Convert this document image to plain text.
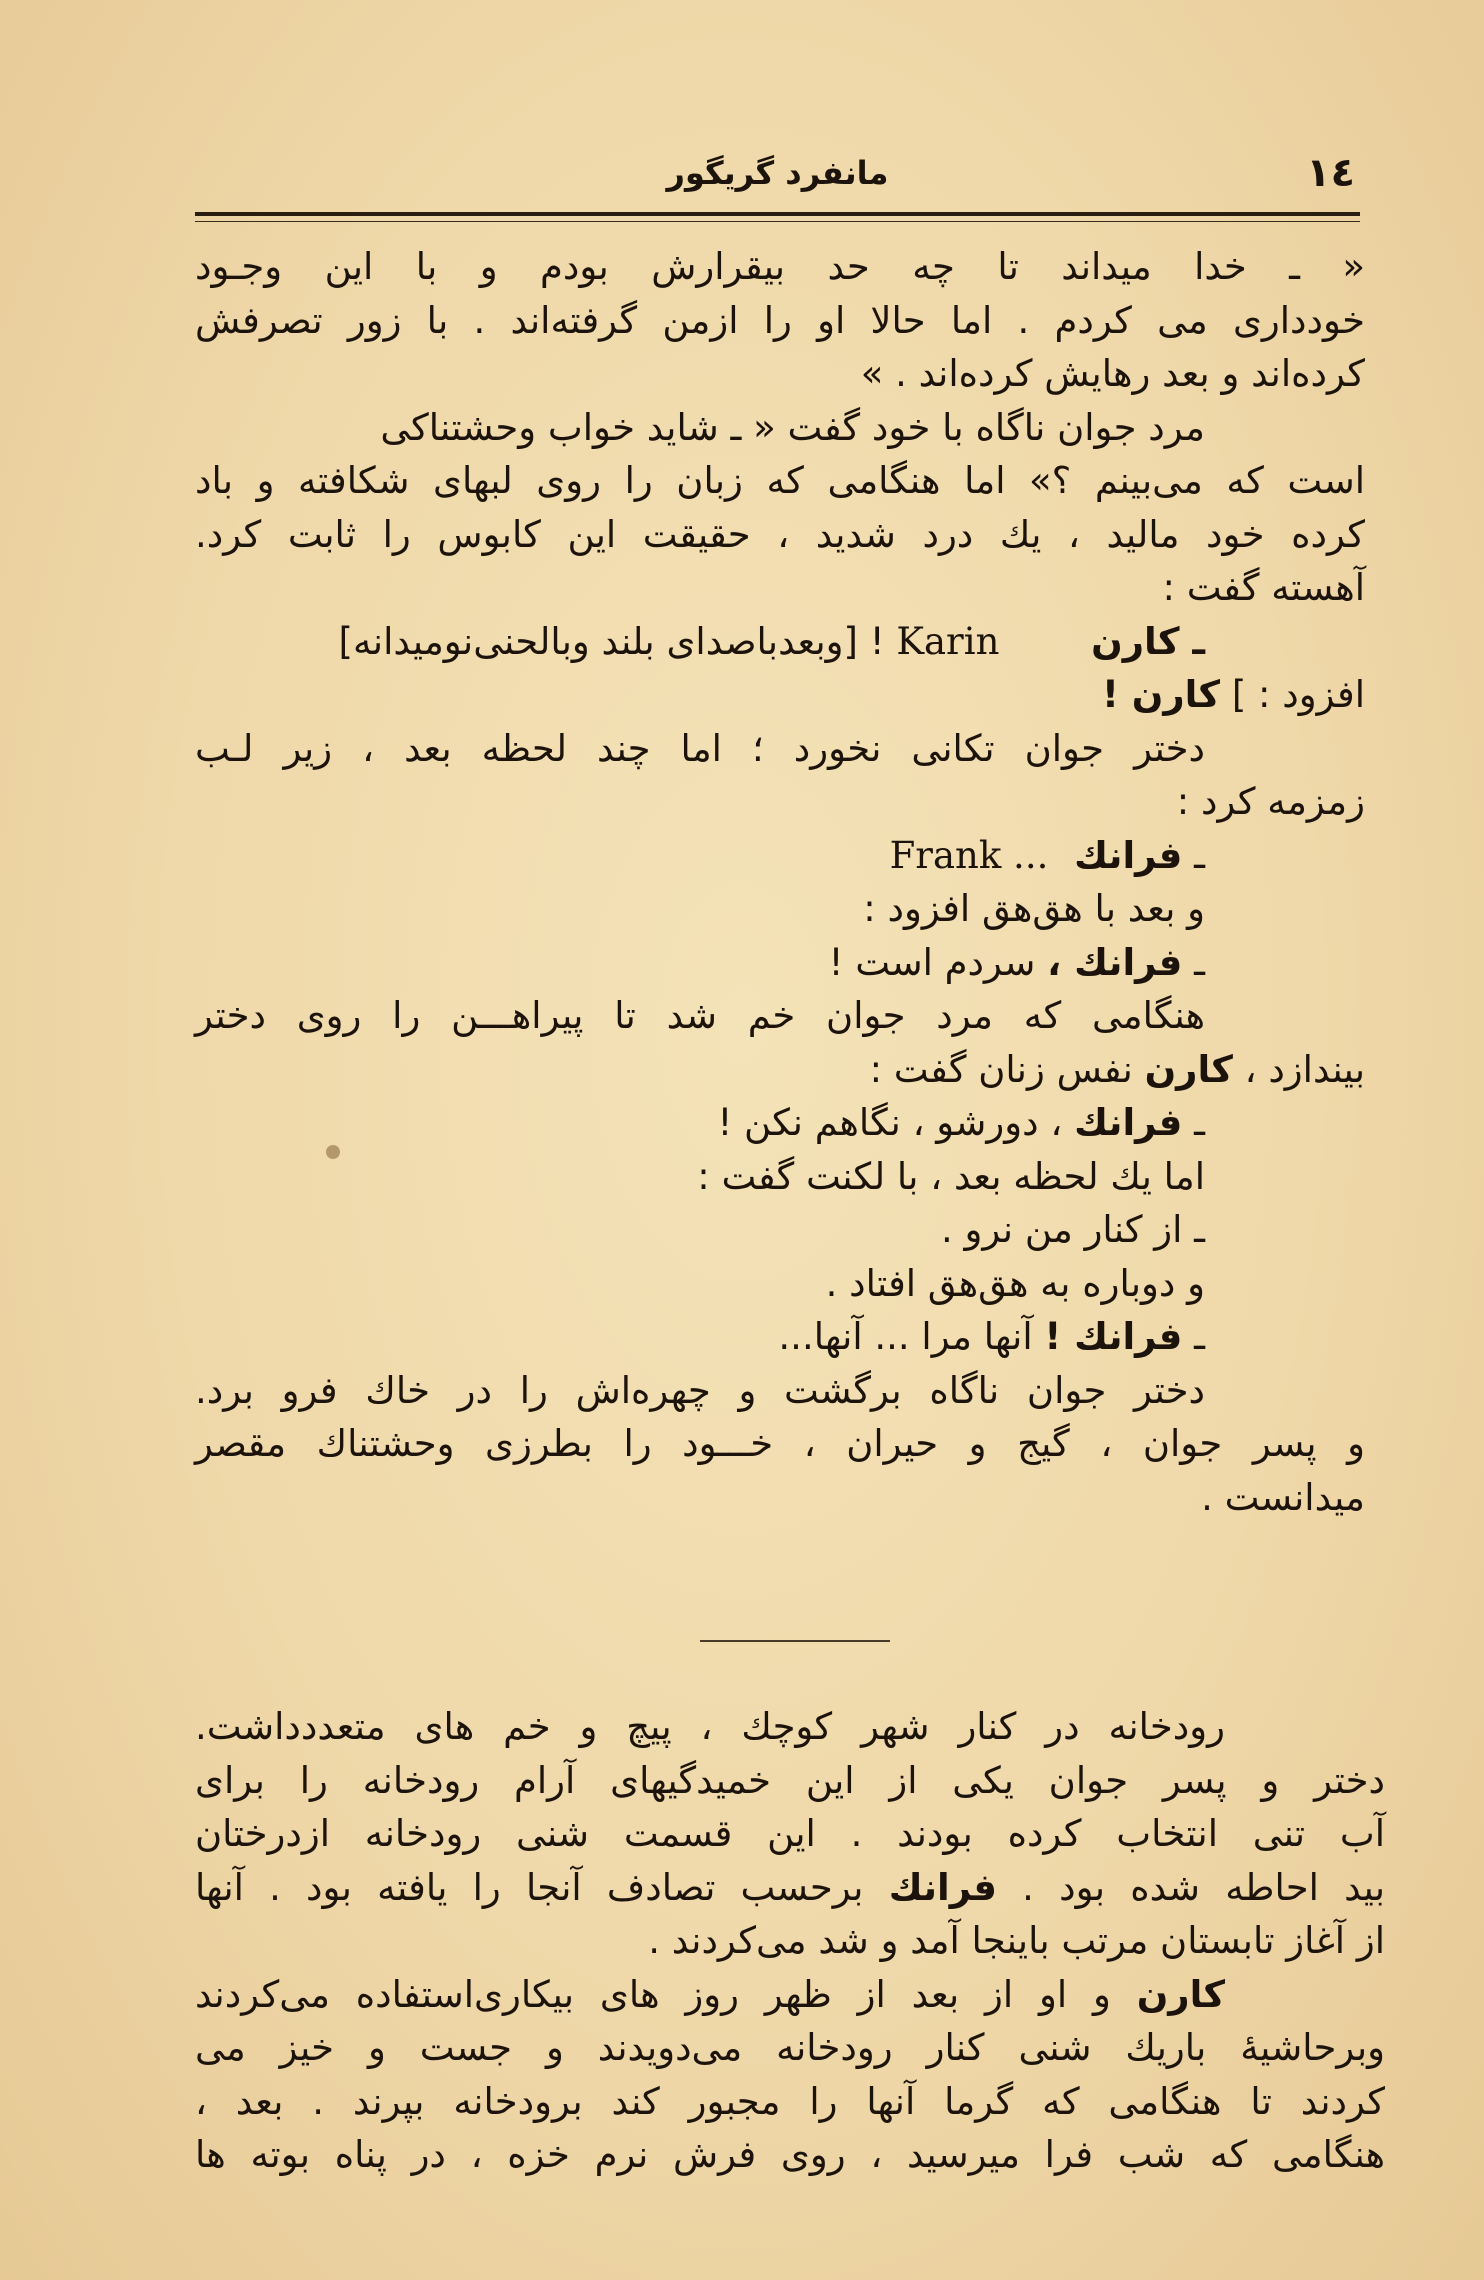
١٤
مانفرد گریگور
« ـ خدا میداند تا چه حد بیقرارش بودم و با این وجـود
خودداری می کردم . اما حالا او را ازمن گرفته‌اند . با زور تصرفش
کرده‌اند و بعد رهایش کرده‌اند . »
مرد جوان ناگاه با خود گفت « ـ شاید خواب وحشتناکی
است که می‌بینم ؟» اما هنگامی که زبان را روی لبهای شکافته و باد
کرده خود مالید ، یك درد شدید ، حقیقت این کابوس را ثابت کرد.
آهسته گفت :
ـ کارن Karin ! [وبعدباصدای بلند وبالحنی‌نومیدانه]
افزود : ] کارن !
دختر جوان تکانی نخورد ؛ اما چند لحظه بعد ، زیر لـب
زمزمه کرد :
ـ فرانك Frank ...
و بعد با هق‌هق افزود :
ـ فرانك ، سردم است !
هنگامی که مرد جوان خم شد تا پیراهـــن را روی دختر
بیندازد ، کارن نفس زنان گفت :
ـ فرانك ، دورشو ، نگاهم نکن !
اما یك لحظه بعد ، با لکنت گفت :
ـ از کنار من نرو .
و دوباره به هق‌هق افتاد .
ـ فرانك ! آنها مرا ... آنها...
دختر جوان ناگاه برگشت و چهره‌اش را در خاك فرو برد.
و پسر جوان ، گیج و حیران ، خـــود را بطرزی وحشتناك مقصر
میدانست .
رودخانه در کنار شهر کوچك ، پیچ و خم های متعدد‌داشت.
دختر و پسر جوان یکی از این خمیدگیهای آرام رودخانه را برای
آب تنی انتخاب کرده بودند . این قسمت شنی رودخانه ازدرختان
بید احاطه شده بود . فرانك برحسب تصادف آنجا را یافته بود . آنها
از آغاز تابستان مرتب باینجا آمد و شد می‌کردند .
کارن و او از بعد از ظهر روز های بیکاری‌استفاده می‌کردند
وبرحاشیهٔ باریك شنی کنار رودخانه می‌دویدند و جست و خیز می
کردند تا هنگامی که گرما آنها را مجبور کند برودخانه بپرند . بعد ،
هنگامی که شب فرا میرسید ، روی فرش نرم خزه ، در پناه بوته ها
